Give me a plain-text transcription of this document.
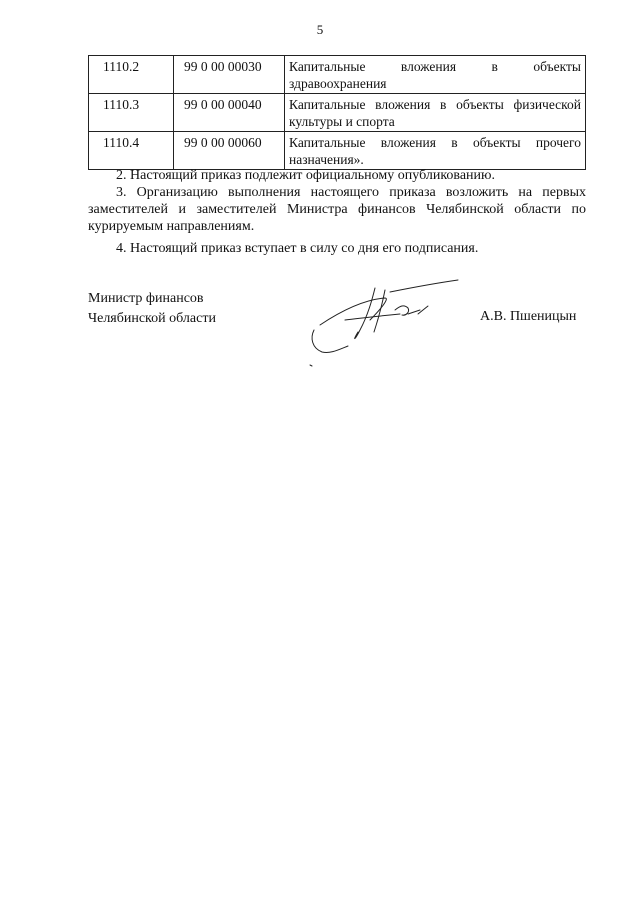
5
1110.2	99 0 00 00030	Капитальные вложения в объекты
здравоохранения
1110.3	99 0 00 00040	Капитальные вложения в объекты физической
культуры и спорта
1110.4	99 0 00 00060	Капитальные вложения в объекты прочего
назначения».
2. Настоящий приказ подлежит официальному опубликованию.
3. Организацию выполнения настоящего приказа возложить на первых
заместителей и заместителей Министра финансов Челябинской области по
курируемым направлениям.
4. Настоящий приказ вступает в силу со дня его подписания.
Министр финансов
Челябинской области	А.В. Пшеницын
